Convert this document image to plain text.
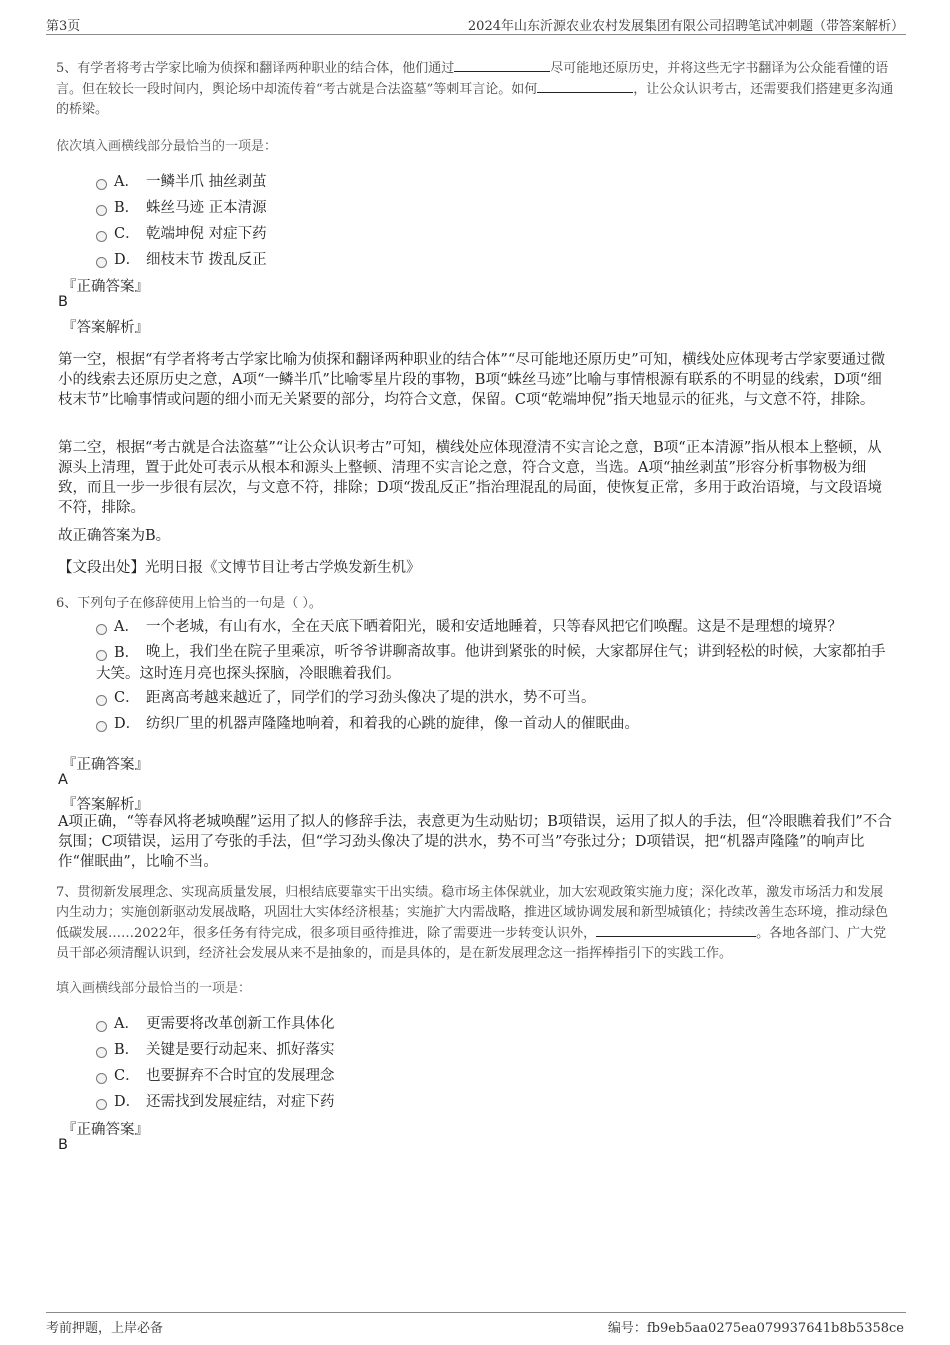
第3页	2024年山东沂源农业农村发展集团有限公司招聘笔试冲刺题（带答案解析）

5、有学者将考古学家比喻为侦探和翻译两种职业的结合体，他们通过	尽可能地还原历史，并将这些无字书翻译为公众能看懂的语言。但在较长一段时间内，舆论场中却流传着“考古就是合法盗墓”等刺耳言论。如何	，让公众认识考古，还需要我们搭建更多沟通的桥梁。

依次填入画横线部分最恰当的一项是：

A． 一鳞半爪 抽丝剥茧
B． 蛛丝马迹 正本清源
C． 乾端坤倪 对症下药
D． 细枝末节 拨乱反正
『正确答案』
B
『答案解析』

第一空，根据“有学者将考古学家比喻为侦探和翻译两种职业的结合体”“尽可能地还原历史”可知，横线处应体现考古学家要通过微小的线索去还原历史之意，A项“一鳞半爪”比喻零星片段的事物，B项“蛛丝马迹”比喻与事情根源有联系的不明显的线索，D项“细枝末节”比喻事情或问题的细小而无关紧要的部分，均符合文意，保留。C项“乾端坤倪”指天地显示的征兆，与文意不符，排除。

第二空，根据“考古就是合法盗墓”“让公众认识考古”可知，横线处应体现澄清不实言论之意，B项“正本清源”指从根本上整顿，从源头上清理，置于此处可表示从根本和源头上整顿、清理不实言论之意，符合文意，当选。A项“抽丝剥茧”形容分析事物极为细致，而且一步一步很有层次，与文意不符，排除；D项“拨乱反正”指治理混乱的局面，使恢复正常，多用于政治语境，与文段语境不符，排除。

故正确答案为B。

【文段出处】光明日报《文博节目让考古学焕发新生机》

6、下列句子在修辞使用上恰当的一句是（ ）。

A． 一个老城，有山有水，全在天底下晒着阳光，暖和安适地睡着，只等春风把它们唤醒。这是不是理想的境界？
B． 晚上，我们坐在院子里乘凉，听爷爷讲聊斋故事。他讲到紧张的时候，大家都屏住气；讲到轻松的时候，大家都拍手大笑。这时连月亮也探头探脑，冷眼瞧着我们。
C． 距离高考越来越近了，同学们的学习劲头像决了堤的洪水，势不可当。
D． 纺织厂里的机器声隆隆地响着，和着我的心跳的旋律，像一首动人的催眠曲。
『正确答案』
A
『答案解析』

A项正确，“等春风将老城唤醒”运用了拟人的修辞手法，表意更为生动贴切；B项错误，运用了拟人的手法，但“冷眼瞧着我们”不合氛围；C项错误，运用了夸张的手法，但“学习劲头像决了堤的洪水，势不可当”夸张过分；D项错误，把“机器声隆隆”的响声比作“催眠曲”，比喻不当。

7、贯彻新发展理念、实现高质量发展，归根结底要靠实干出实绩。稳市场主体保就业，加大宏观政策实施力度；深化改革，激发市场活力和发展内生动力；实施创新驱动发展战略，巩固壮大实体经济根基；实施扩大内需战略，推进区域协调发展和新型城镇化；持续改善生态环境，推动绿色低碳发展……2022年，很多任务有待完成，很多项目亟待推进，除了需要进一步转变认识外，	。各地各部门、广大党员干部必须清醒认识到，经济社会发展从来不是抽象的，而是具体的，是在新发展理念这一指挥棒指引下的实践工作。

填入画横线部分最恰当的一项是：

A． 更需要将改革创新工作具体化
B． 关键是要行动起来、抓好落实
C． 也要摒弃不合时宜的发展理念
D． 还需找到发展症结，对症下药
『正确答案』
B
考前押题，上岸必备	编号：fb9eb5aa0275ea079937641b8b5358ce
